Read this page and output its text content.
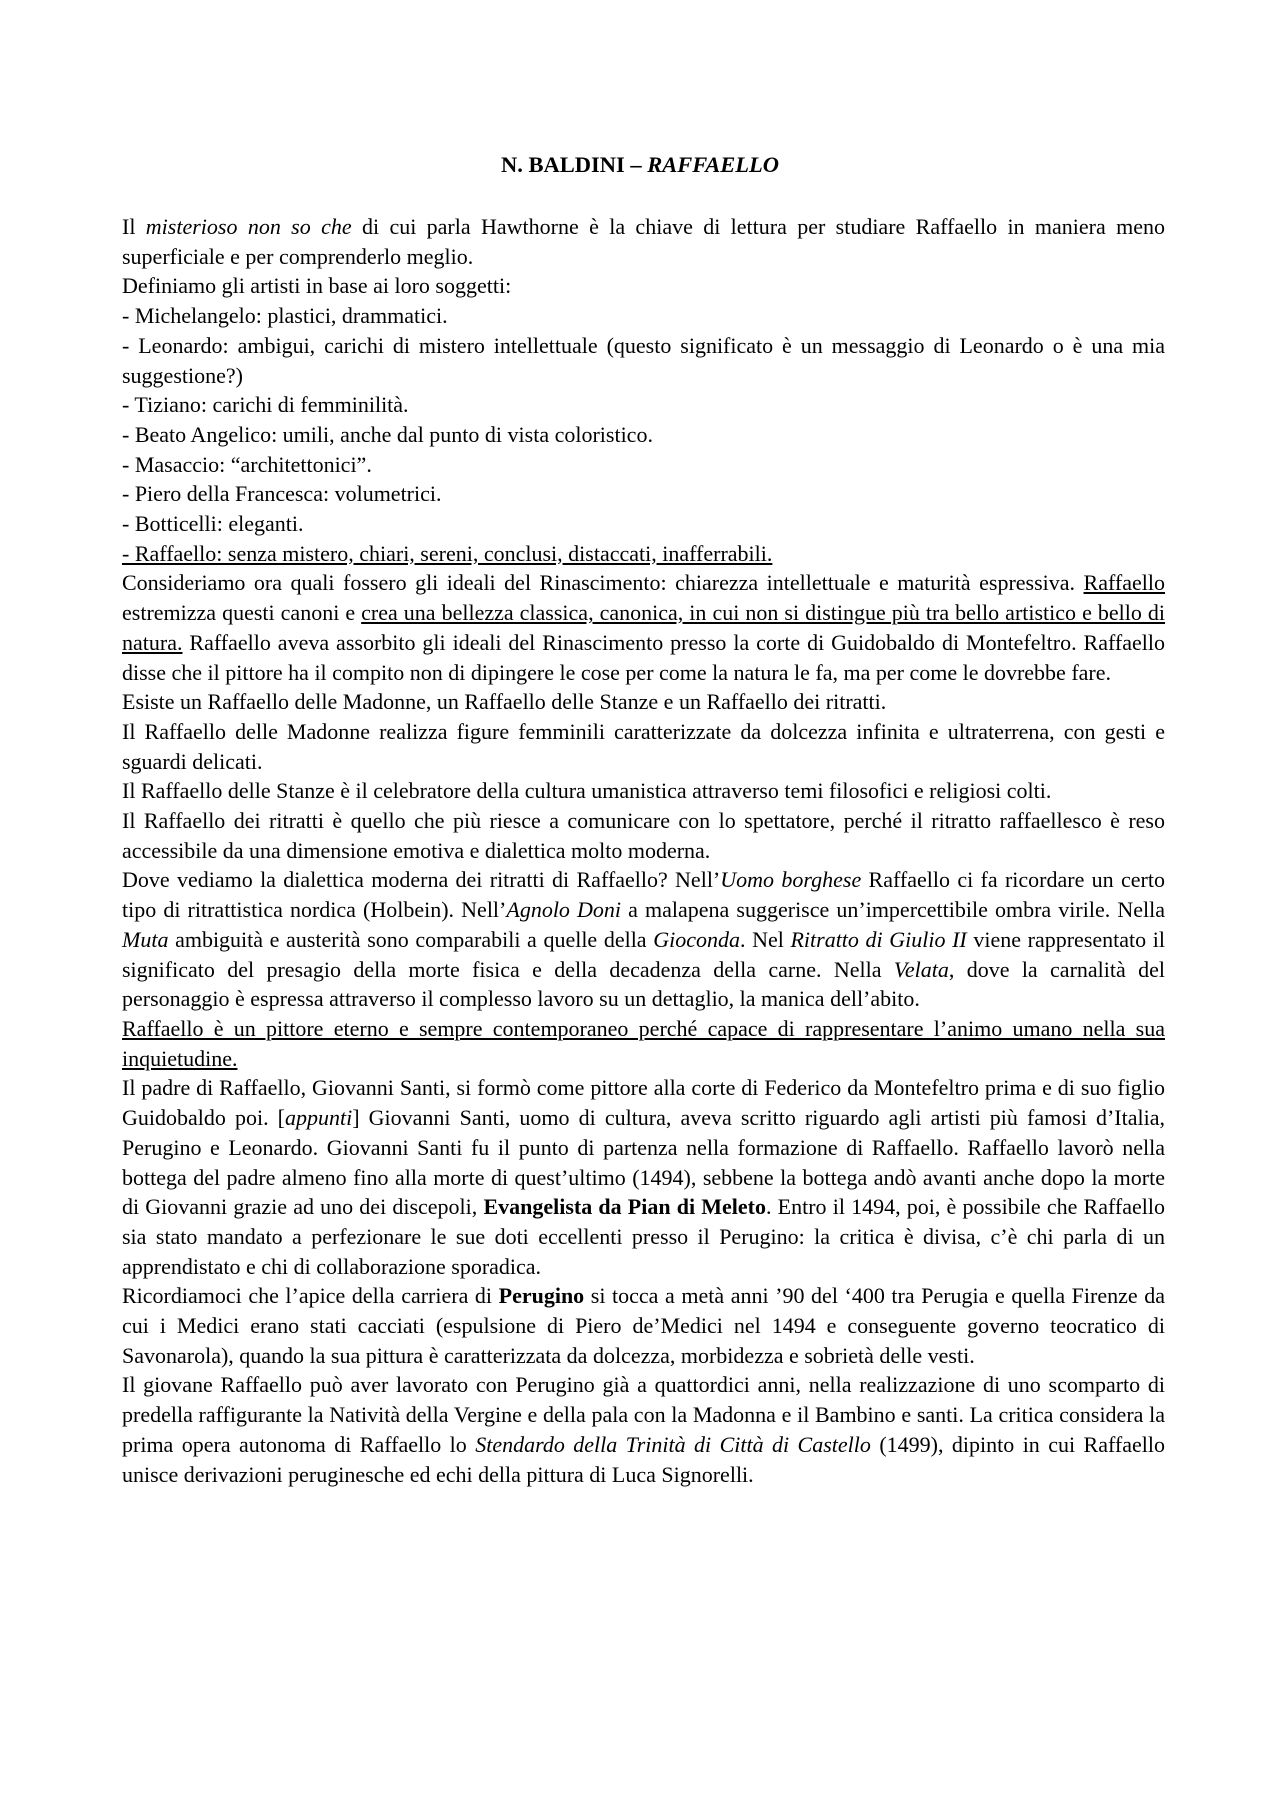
N. BALDINI – RAFFAELLO

Il misterioso non so che di cui parla Hawthorne è la chiave di lettura per studiare Raffaello in maniera meno superficiale e per comprenderlo meglio.

Definiamo gli artisti in base ai loro soggetti:

- Michelangelo: plastici, drammatici.

- Leonardo: ambigui, carichi di mistero intellettuale (questo significato è un messaggio di Leonardo o è una mia suggestione?)

- Tiziano: carichi di femminilità.

- Beato Angelico: umili, anche dal punto di vista coloristico.

- Masaccio: “architettonici”.

- Piero della Francesca: volumetrici.

- Botticelli: eleganti.

- Raffaello: senza mistero, chiari, sereni, conclusi, distaccati, inafferrabili.

Consideriamo ora quali fossero gli ideali del Rinascimento: chiarezza intellettuale e maturità espressiva. Raffaello estremizza questi canoni e crea una bellezza classica, canonica, in cui non si distingue più tra bello artistico e bello di natura. Raffaello aveva assorbito gli ideali del Rinascimento presso la corte di Guidobaldo di Montefeltro. Raffaello disse che il pittore ha il compito non di dipingere le cose per come la natura le fa, ma per come le dovrebbe fare.

Esiste un Raffaello delle Madonne, un Raffaello delle Stanze e un Raffaello dei ritratti.

Il Raffaello delle Madonne realizza figure femminili caratterizzate da dolcezza infinita e ultraterrena, con gesti e sguardi delicati.

Il Raffaello delle Stanze è il celebratore della cultura umanistica attraverso temi filosofici e religiosi colti.

Il Raffaello dei ritratti è quello che più riesce a comunicare con lo spettatore, perché il ritratto raffaellesco è reso accessibile da una dimensione emotiva e dialettica molto moderna.

Dove vediamo la dialettica moderna dei ritratti di Raffaello? Nell’Uomo borghese Raffaello ci fa ricordare un certo tipo di ritrattistica nordica (Holbein). Nell’Agnolo Doni a malapena suggerisce un’impercettibile ombra virile. Nella Muta ambiguità e austerità sono comparabili a quelle della Gioconda. Nel Ritratto di Giulio II viene rappresentato il significato del presagio della morte fisica e della decadenza della carne. Nella Velata, dove la carnalità del personaggio è espressa attraverso il complesso lavoro su un dettaglio, la manica dell’abito.

Raffaello è un pittore eterno e sempre contemporaneo perché capace di rappresentare l’animo umano nella sua inquietudine.

Il padre di Raffaello, Giovanni Santi, si formò come pittore alla corte di Federico da Montefeltro prima e di suo figlio Guidobaldo poi. [appunti] Giovanni Santi, uomo di cultura, aveva scritto riguardo agli artisti più famosi d’Italia, Perugino e Leonardo. Giovanni Santi fu il punto di partenza nella formazione di Raffaello. Raffaello lavorò nella bottega del padre almeno fino alla morte di quest’ultimo (1494), sebbene la bottega andò avanti anche dopo la morte di Giovanni grazie ad uno dei discepoli, Evangelista da Pian di Meleto. Entro il 1494, poi, è possibile che Raffaello sia stato mandato a perfezionare le sue doti eccellenti presso il Perugino: la critica è divisa, c’è chi parla di un apprendistato e chi di collaborazione sporadica.

Ricordiamoci che l’apice della carriera di Perugino si tocca a metà anni ’90 del ‘400 tra Perugia e quella Firenze da cui i Medici erano stati cacciati (espulsione di Piero de’Medici nel 1494 e conseguente governo teocratico di Savonarola), quando la sua pittura è caratterizzata da dolcezza, morbidezza e sobrietà delle vesti.

Il giovane Raffaello può aver lavorato con Perugino già a quattordici anni, nella realizzazione di uno scomparto di predella raffigurante la Natività della Vergine e della pala con la Madonna e il Bambino e santi. La critica considera la prima opera autonoma di Raffaello lo Stendardo della Trinità di Città di Castello (1499), dipinto in cui Raffaello unisce derivazioni perugines​che ed echi della pittura di Luca Signorelli.
